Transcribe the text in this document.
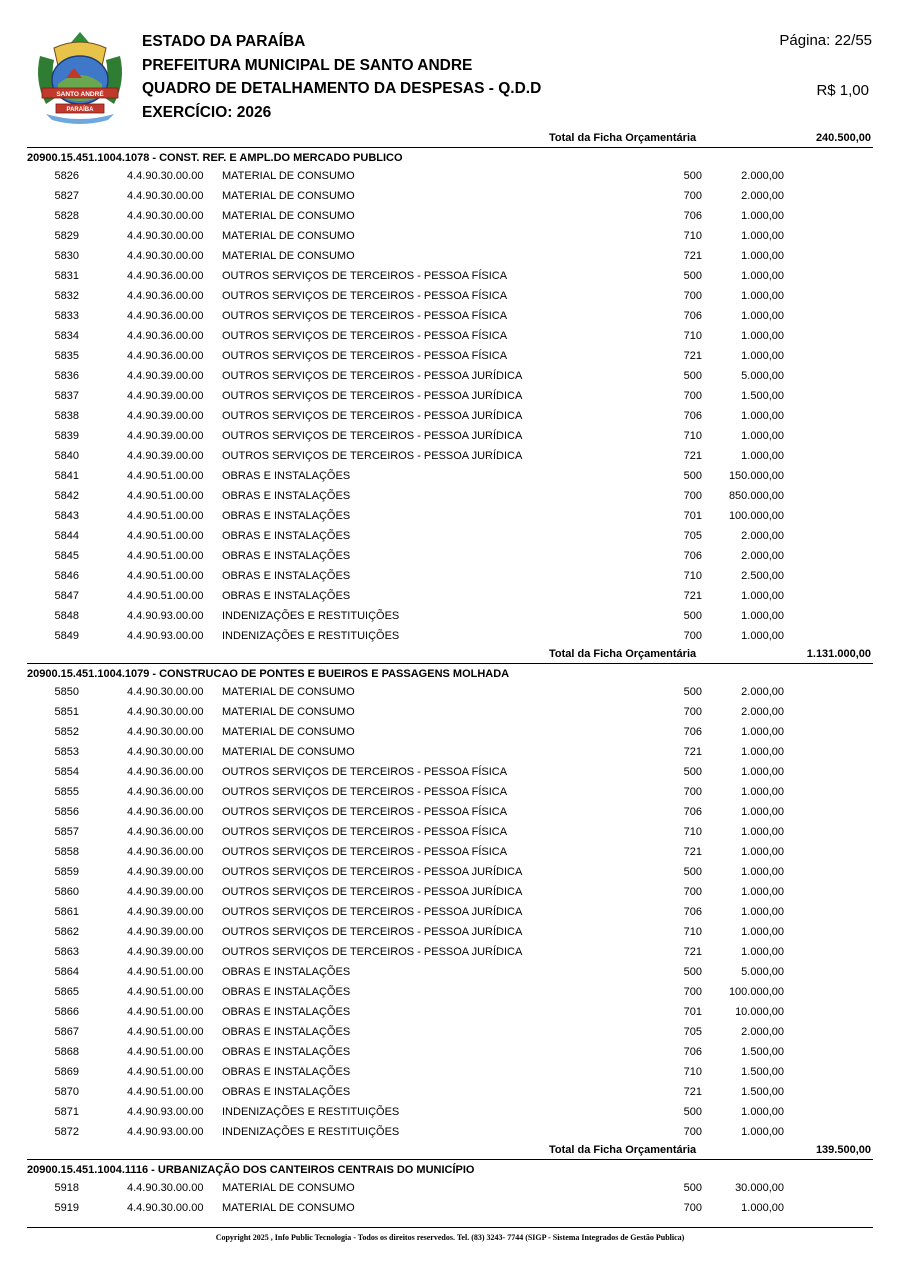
SANTO ANDRÉ
PARAÍBA
ESTADO DA PARAÍBA
PREFEITURA MUNICIPAL DE SANTO ANDRE
QUADRO DE DETALHAMENTO DA DESPESAS - Q.D.D
EXERCÍCIO: 2026
Página: 22/55
R$ 1,00
Total da Ficha Orçamentária	240.500,00
20900.15.451.1004.1078 - CONST. REF. E AMPL.DO MERCADO PUBLICO
5826	4.4.90.30.00.00 MATERIAL DE CONSUMO	500	2.000,00
5827	4.4.90.30.00.00 MATERIAL DE CONSUMO	700	2.000,00
5828	4.4.90.30.00.00 MATERIAL DE CONSUMO	706	1.000,00
5829	4.4.90.30.00.00 MATERIAL DE CONSUMO	710	1.000,00
5830	4.4.90.30.00.00 MATERIAL DE CONSUMO	721	1.000,00
5831	4.4.90.36.00.00 OUTROS SERVIÇOS DE TERCEIROS - PESSOA FÍSICA	500	1.000,00
5832	4.4.90.36.00.00 OUTROS SERVIÇOS DE TERCEIROS - PESSOA FÍSICA	700	1.000,00
5833	4.4.90.36.00.00 OUTROS SERVIÇOS DE TERCEIROS - PESSOA FÍSICA	706	1.000,00
5834	4.4.90.36.00.00 OUTROS SERVIÇOS DE TERCEIROS - PESSOA FÍSICA	710	1.000,00
5835	4.4.90.36.00.00 OUTROS SERVIÇOS DE TERCEIROS - PESSOA FÍSICA	721	1.000,00
5836	4.4.90.39.00.00 OUTROS SERVIÇOS DE TERCEIROS - PESSOA JURÍDICA	500	5.000,00
5837	4.4.90.39.00.00 OUTROS SERVIÇOS DE TERCEIROS - PESSOA JURÍDICA	700	1.500,00
5838	4.4.90.39.00.00 OUTROS SERVIÇOS DE TERCEIROS - PESSOA JURÍDICA	706	1.000,00
5839	4.4.90.39.00.00 OUTROS SERVIÇOS DE TERCEIROS - PESSOA JURÍDICA	710	1.000,00
5840	4.4.90.39.00.00 OUTROS SERVIÇOS DE TERCEIROS - PESSOA JURÍDICA	721	1.000,00
5841	4.4.90.51.00.00 OBRAS E INSTALAÇÕES	500	150.000,00
5842	4.4.90.51.00.00 OBRAS E INSTALAÇÕES	700	850.000,00
5843	4.4.90.51.00.00 OBRAS E INSTALAÇÕES	701	100.000,00
5844	4.4.90.51.00.00 OBRAS E INSTALAÇÕES	705	2.000,00
5845	4.4.90.51.00.00 OBRAS E INSTALAÇÕES	706	2.000,00
5846	4.4.90.51.00.00 OBRAS E INSTALAÇÕES	710	2.500,00
5847	4.4.90.51.00.00 OBRAS E INSTALAÇÕES	721	1.000,00
5848	4.4.90.93.00.00 INDENIZAÇÕES E RESTITUIÇÕES	500	1.000,00
5849	4.4.90.93.00.00 INDENIZAÇÕES E RESTITUIÇÕES	700	1.000,00
Total da Ficha Orçamentária	1.131.000,00
20900.15.451.1004.1079 - CONSTRUCAO DE PONTES E BUEIROS E PASSAGENS MOLHADA
5850	4.4.90.30.00.00 MATERIAL DE CONSUMO	500	2.000,00
5851	4.4.90.30.00.00 MATERIAL DE CONSUMO	700	2.000,00
5852	4.4.90.30.00.00 MATERIAL DE CONSUMO	706	1.000,00
5853	4.4.90.30.00.00 MATERIAL DE CONSUMO	721	1.000,00
5854	4.4.90.36.00.00 OUTROS SERVIÇOS DE TERCEIROS - PESSOA FÍSICA	500	1.000,00
5855	4.4.90.36.00.00 OUTROS SERVIÇOS DE TERCEIROS - PESSOA FÍSICA	700	1.000,00
5856	4.4.90.36.00.00 OUTROS SERVIÇOS DE TERCEIROS - PESSOA FÍSICA	706	1.000,00
5857	4.4.90.36.00.00 OUTROS SERVIÇOS DE TERCEIROS - PESSOA FÍSICA	710	1.000,00
5858	4.4.90.36.00.00 OUTROS SERVIÇOS DE TERCEIROS - PESSOA FÍSICA	721	1.000,00
5859	4.4.90.39.00.00 OUTROS SERVIÇOS DE TERCEIROS - PESSOA JURÍDICA	500	1.000,00
5860	4.4.90.39.00.00 OUTROS SERVIÇOS DE TERCEIROS - PESSOA JURÍDICA	700	1.000,00
5861	4.4.90.39.00.00 OUTROS SERVIÇOS DE TERCEIROS - PESSOA JURÍDICA	706	1.000,00
5862	4.4.90.39.00.00 OUTROS SERVIÇOS DE TERCEIROS - PESSOA JURÍDICA	710	1.000,00
5863	4.4.90.39.00.00 OUTROS SERVIÇOS DE TERCEIROS - PESSOA JURÍDICA	721	1.000,00
5864	4.4.90.51.00.00 OBRAS E INSTALAÇÕES	500	5.000,00
5865	4.4.90.51.00.00 OBRAS E INSTALAÇÕES	700	100.000,00
5866	4.4.90.51.00.00 OBRAS E INSTALAÇÕES	701	10.000,00
5867	4.4.90.51.00.00 OBRAS E INSTALAÇÕES	705	2.000,00
5868	4.4.90.51.00.00 OBRAS E INSTALAÇÕES	706	1.500,00
5869	4.4.90.51.00.00 OBRAS E INSTALAÇÕES	710	1.500,00
5870	4.4.90.51.00.00 OBRAS E INSTALAÇÕES	721	1.500,00
5871	4.4.90.93.00.00 INDENIZAÇÕES E RESTITUIÇÕES	500	1.000,00
5872	4.4.90.93.00.00 INDENIZAÇÕES E RESTITUIÇÕES	700	1.000,00
Total da Ficha Orçamentária	139.500,00
20900.15.451.1004.1116 - URBANIZAÇÃO DOS CANTEIROS CENTRAIS DO MUNICÍPIO
5918	4.4.90.30.00.00 MATERIAL DE CONSUMO	500	30.000,00
5919	4.4.90.30.00.00 MATERIAL DE CONSUMO	700	1.000,00
Copyright 2025 , Info Public Tecnologia - Todos os direitos reservedos. Tel. (83) 3243- 7744 (SIGP - Sistema Integrados de Gestão Publica)
